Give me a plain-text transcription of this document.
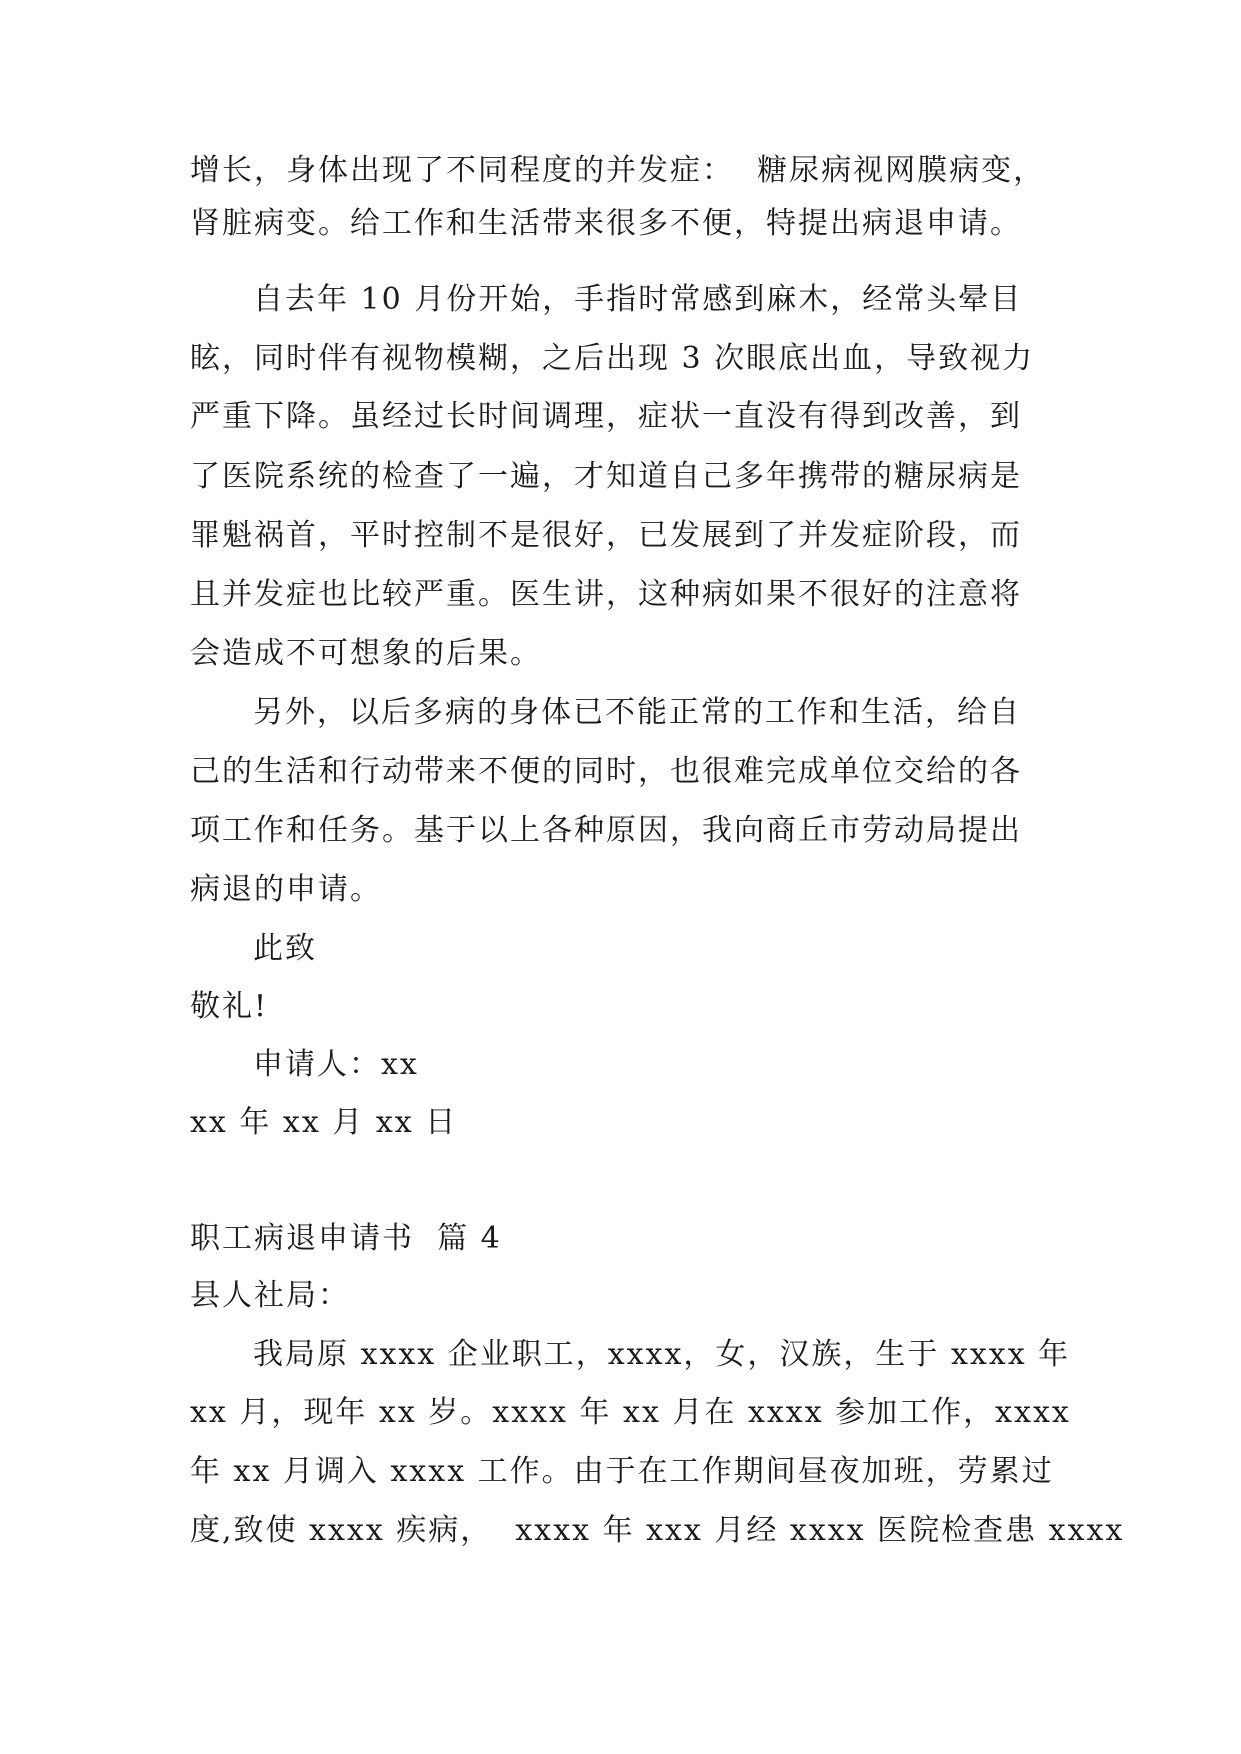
增长，身体出现了不同程度的并发症：  糖尿病视网膜病变，

肾脏病变。给工作和生活带来很多不便，特提出病退申请。

自去年 10 月份开始，手指时常感到麻木，经常头晕目

眩，同时伴有视物模糊，之后出现 3 次眼底出血，导致视力

严重下降。虽经过长时间调理，症状一直没有得到改善，到

了医院系统的检查了一遍，才知道自己多年携带的糖尿病是

罪魁祸首，平时控制不是很好，已发展到了并发症阶段，而

且并发症也比较严重。医生讲，这种病如果不很好的注意将

会造成不可想象的后果。

另外，以后多病的身体已不能正常的工作和生活，给自

己的生活和行动带来不便的同时，也很难完成单位交给的各

项工作和任务。基于以上各种原因，我向商丘市劳动局提出

病退的申请。

此致

敬礼!

申请人：xx

xx 年 xx 月 xx 日

职工病退申请书  篇 4

县人社局：

我局原 xxxx 企业职工，xxxx，女，汉族，生于 xxxx 年

xx 月，现年 xx 岁。xxxx 年 xx 月在 xxxx 参加工作，xxxx

年 xx 月调入 xxxx 工作。由于在工作期间昼夜加班，劳累过

度,致使 xxxx 疾病，  xxxx 年 xxx 月经 xxxx 医院检查患 xxxx
